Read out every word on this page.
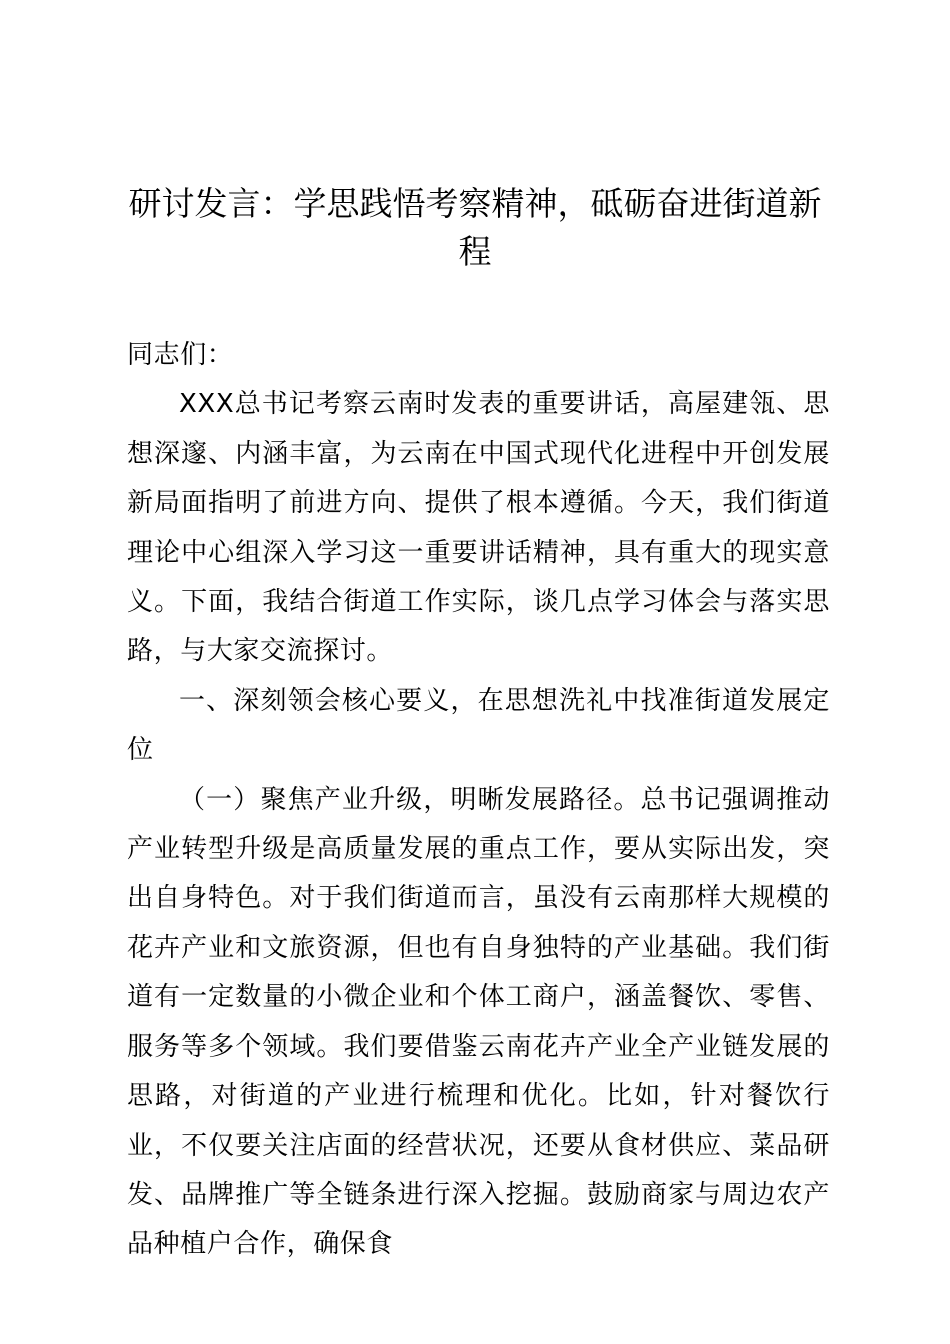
研讨发言：学思践悟考察精神，砥砺奋进街道新程

同志们：

XXX总书记考察云南时发表的重要讲话，高屋建瓴、思想深邃、内涵丰富，为云南在中国式现代化进程中开创发展新局面指明了前进方向、提供了根本遵循。今天，我们街道理论中心组深入学习这一重要讲话精神，具有重大的现实意义。下面，我结合街道工作实际，谈几点学习体会与落实思路，与大家交流探讨。

一、深刻领会核心要义，在思想洗礼中找准街道发展定位

（一）聚焦产业升级，明晰发展路径。总书记强调推动产业转型升级是高质量发展的重点工作，要从实际出发，突出自身特色。对于我们街道而言，虽没有云南那样大规模的花卉产业和文旅资源，但也有自身独特的产业基础。我们街道有一定数量的小微企业和个体工商户，涵盖餐饮、零售、服务等多个领域。我们要借鉴云南花卉产业全产业链发展的思路，对街道的产业进行梳理和优化。比如，针对餐饮行业，不仅要关注店面的经营状况，还要从食材供应、菜品研发、品牌推广等全链条进行深入挖掘。鼓励商家与周边农产品种植户合作，确保食
